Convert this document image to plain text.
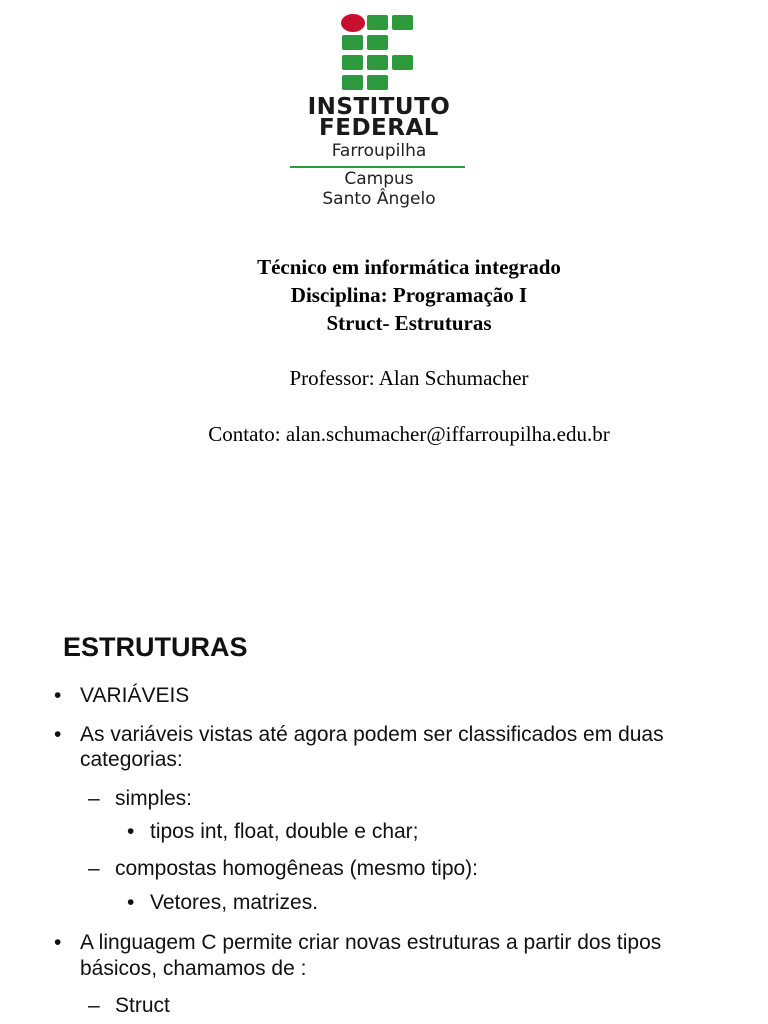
INSTITUTO
FEDERAL
Farroupilha
Campus
Santo Ângelo
Técnico em informática integrado
Disciplina: Programação I
Struct- Estruturas
Professor: Alan Schumacher
Contato: alan.schumacher@iffarroupilha.edu.br
ESTRUTURAS
• VARIÁVEIS
• As variáveis vistas até agora podem ser classificados em duas
categorias:
– simples:
• tipos int, float, double e char;
– compostas homogêneas (mesmo tipo):
• Vetores, matrizes.
• A linguagem C permite criar novas estruturas a partir dos tipos
básicos, chamamos de :
– Struct
